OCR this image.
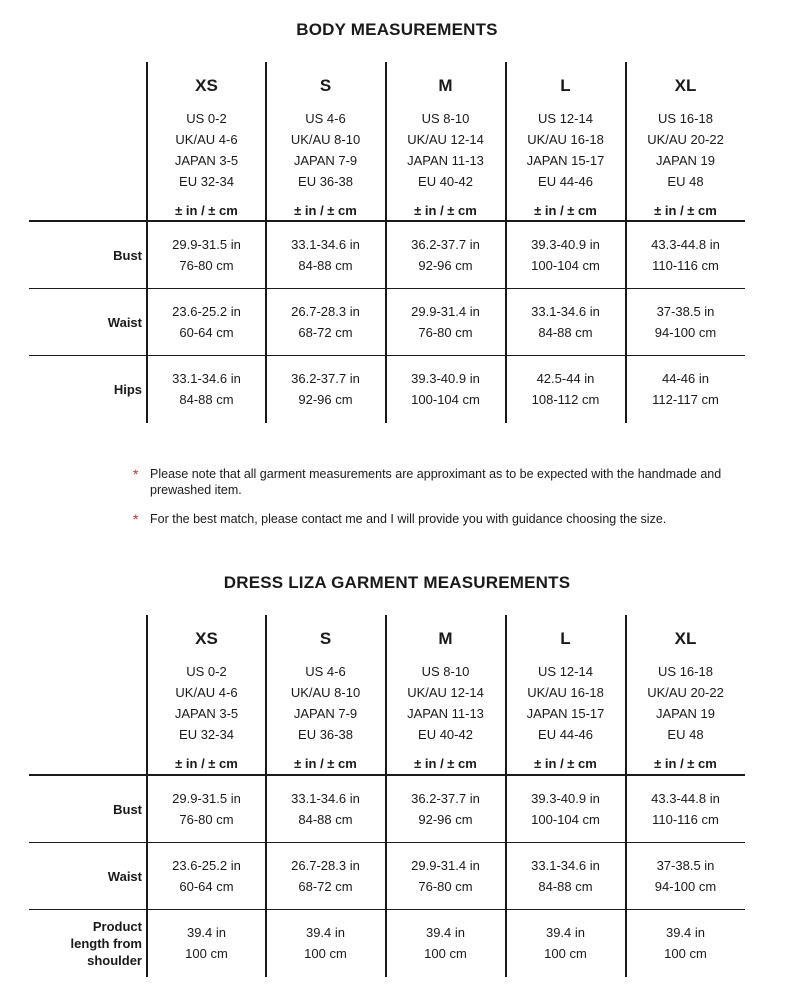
BODY MEASUREMENTS
XS
US 0-2
UK/AU 4-6
JAPAN 3-5
EU 32-34
± in / ± cm
S
US 4-6
UK/AU 8-10
JAPAN 7-9
EU 36-38
± in / ± cm
M
US 8-10
UK/AU 12-14
JAPAN 11-13
EU 40-42
± in / ± cm
L
US 12-14
UK/AU 16-18
JAPAN 15-17
EU 44-46
± in / ± cm
XL
US 16-18
UK/AU 20-22
JAPAN 19
EU 48
± in / ± cm
Bust
29.9-31.5 in
76-80 cm
33.1-34.6 in
84-88 cm
36.2-37.7 in
92-96 cm
39.3-40.9 in
100-104 cm
43.3-44.8 in
110-116 cm
Waist
23.6-25.2 in
60-64 cm
26.7-28.3 in
68-72 cm
29.9-31.4 in
76-80 cm
33.1-34.6 in
84-88 cm
37-38.5 in
94-100 cm
Hips
33.1-34.6 in
84-88 cm
36.2-37.7 in
92-96 cm
39.3-40.9 in
100-104 cm
42.5-44 in
108-112 cm
44-46 in
112-117 cm
* Please note that all garment measurements are approximant as to be expected with the handmade and prewashed item.
* For the best match, please contact me and I will provide you with guidance choosing the size.
DRESS LIZA GARMENT MEASUREMENTS
XS
US 0-2
UK/AU 4-6
JAPAN 3-5
EU 32-34
± in / ± cm
S
US 4-6
UK/AU 8-10
JAPAN 7-9
EU 36-38
± in / ± cm
M
US 8-10
UK/AU 12-14
JAPAN 11-13
EU 40-42
± in / ± cm
L
US 12-14
UK/AU 16-18
JAPAN 15-17
EU 44-46
± in / ± cm
XL
US 16-18
UK/AU 20-22
JAPAN 19
EU 48
± in / ± cm
Bust
29.9-31.5 in
76-80 cm
33.1-34.6 in
84-88 cm
36.2-37.7 in
92-96 cm
39.3-40.9 in
100-104 cm
43.3-44.8 in
110-116 cm
Waist
23.6-25.2 in
60-64 cm
26.7-28.3 in
68-72 cm
29.9-31.4 in
76-80 cm
33.1-34.6 in
84-88 cm
37-38.5 in
94-100 cm
Product
length from
shoulder
39.4 in
100 cm
39.4 in
100 cm
39.4 in
100 cm
39.4 in
100 cm
39.4 in
100 cm
